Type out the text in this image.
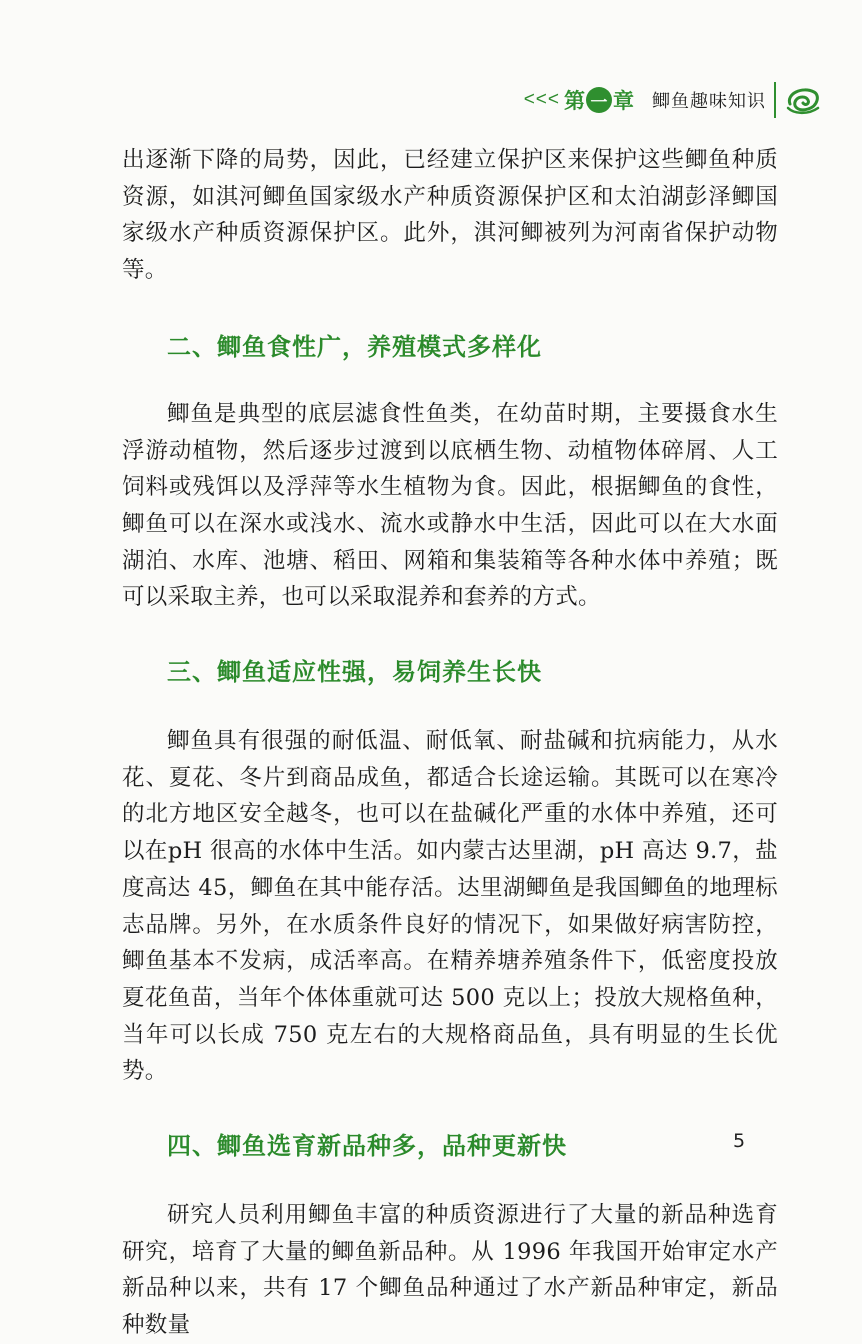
<<< 第 一 章 鲫鱼趣味知识

出逐渐下降的局势，因此，已经建立保护区来保护这些鲫鱼种质资源，如淇河鲫鱼国家级水产种质资源保护区和太泊湖彭泽鲫国家级水产种质资源保护区。此外，淇河鲫被列为河南省保护动物等。

二、鲫鱼食性广，养殖模式多样化

鲫鱼是典型的底层滤食性鱼类，在幼苗时期，主要摄食水生浮游动植物，然后逐步过渡到以底栖生物、动植物体碎屑、人工饲料或残饵以及浮萍等水生植物为食。因此，根据鲫鱼的食性，鲫鱼可以在深水或浅水、流水或静水中生活，因此可以在大水面湖泊、水库、池塘、稻田、网箱和集装箱等各种水体中养殖；既可以采取主养，也可以采取混养和套养的方式。

三、鲫鱼适应性强，易饲养生长快

鲫鱼具有很强的耐低温、耐低氧、耐盐碱和抗病能力，从水花、夏花、冬片到商品成鱼，都适合长途运输。其既可以在寒冷的北方地区安全越冬，也可以在盐碱化严重的水体中养殖，还可以在pH 很高的水体中生活。如内蒙古达里湖，pH 高达 9.7，盐度高达 45，鲫鱼在其中能存活。达里湖鲫鱼是我国鲫鱼的地理标志品牌。另外，在水质条件良好的情况下，如果做好病害防控，鲫鱼基本不发病，成活率高。在精养塘养殖条件下，低密度投放夏花鱼苗，当年个体体重就可达 500 克以上；投放大规格鱼种，当年可以长成 750 克左右的大规格商品鱼，具有明显的生长优势。

四、鲫鱼选育新品种多，品种更新快

研究人员利用鲫鱼丰富的种质资源进行了大量的新品种选育研究，培育了大量的鲫鱼新品种。从 1996 年我国开始审定水产新品种以来，共有 17 个鲫鱼品种通过了水产新品种审定，新品种数量

5
